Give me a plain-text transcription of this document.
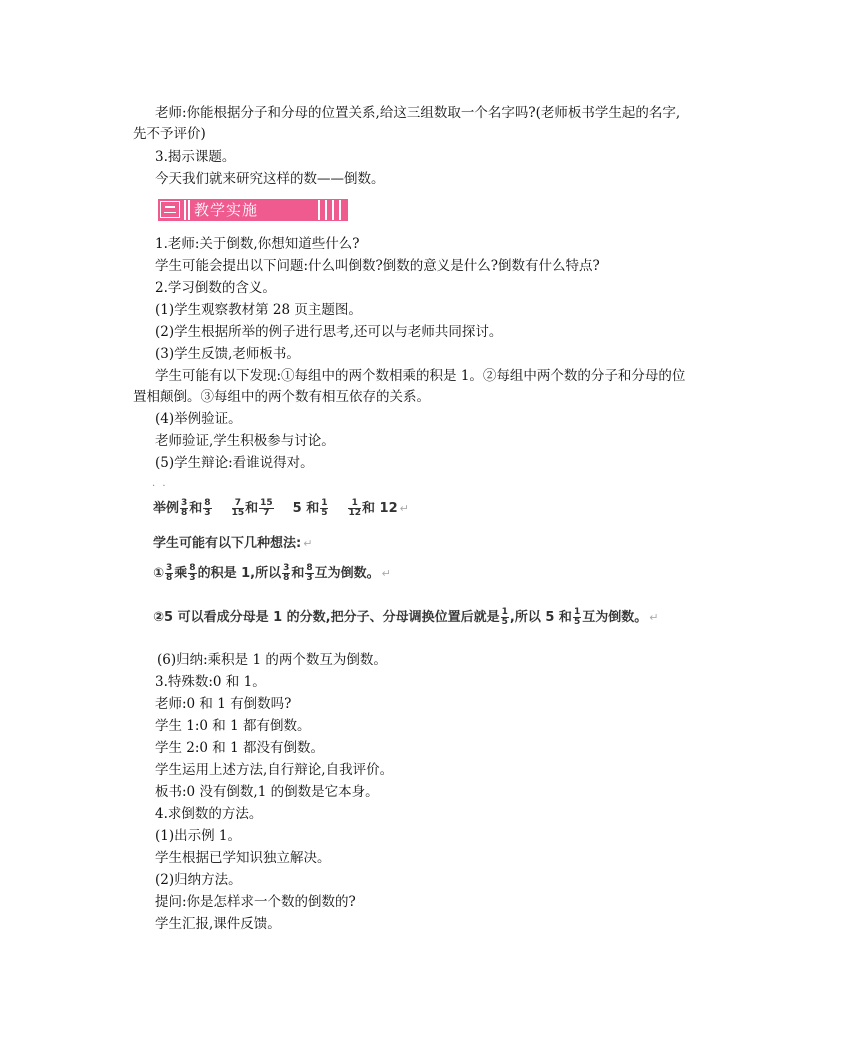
老师:你能根据分子和分母的位置关系,给这三组数取一个名字吗?(老师板书学生起的名字,
先不予评价)
3.揭示课题。
今天我们就来研究这样的数——倒数。
教学实施
1.老师:关于倒数,你想知道些什么?
学生可能会提出以下问题:什么叫倒数?倒数的意义是什么?倒数有什么特点?
2.学习倒数的含义。
(1)学生观察教材第 28 页主题图。
(2)学生根据所举的例子进行思考,还可以与老师共同探讨。
(3)学生反馈,老师板书。
学生可能有以下发现:①每组中的两个数相乘的积是 1。②每组中两个数的分子和分母的位
置相颠倒。③每组中的两个数有相互依存的关系。
(4)举例验证。
老师验证,学生积极参与讨论。
(5)学生辩论:看谁说得对。
· ·
举例 $\frac{3}{8}$ 和 $\frac{8}{3} \frac{7}{15}$ 和 $\frac{15}{7} 5$ 和 $\frac{1}{5} \frac{1}{12}$ 和 12 ↵
学生可能有以下几种想法: ↵
① $\frac{3}{8}$ 乘 $\frac{8}{3}$ 的积是 1,所以 $\frac{3}{8}$ 和 $\frac{8}{3}$ 互为倒数。 ↵
②5 可以看成分母是 1 的分数,把分子、分母调换位置后就是 $\frac{1}{5}$ ,所以 5 和 $\frac{1}{5}$ 互为倒数。 ↵
(6)归纳:乘积是 1 的两个数互为倒数。
3.特殊数:0 和 1。
老师:0 和 1 有倒数吗?
学生 1:0 和 1 都有倒数。
学生 2:0 和 1 都没有倒数。
学生运用上述方法,自行辩论,自我评价。
板书:0 没有倒数,1 的倒数是它本身。
4.求倒数的方法。
(1)出示例 1。
学生根据已学知识独立解决。
(2)归纳方法。
提问:你是怎样求一个数的倒数的?
学生汇报,课件反馈。
